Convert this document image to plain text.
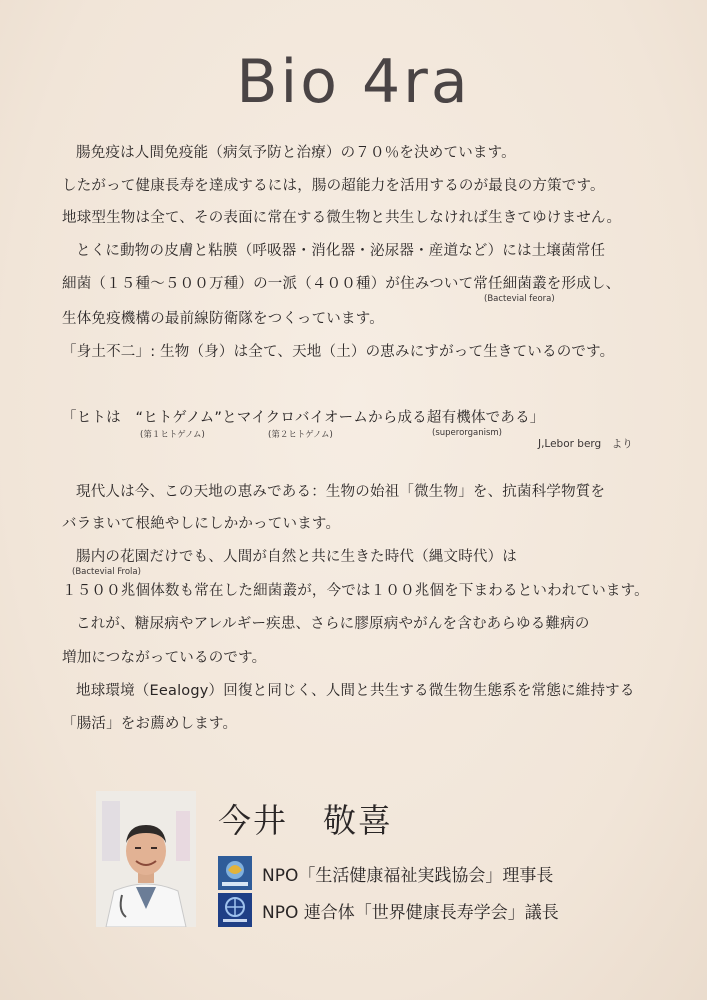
Bio 4ra
腸免疫は人間免疫能（病気予防と治療）の７０％を決めています。
したがって健康長寿を達成するには，腸の超能力を活用するのが最良の方策です。
地球型生物は全て、その表面に常在する微生物と共生しなければ生きてゆけません。
とくに動物の皮膚と粘膜（呼吸器・消化器・泌尿器・産道など）には土壌菌常任
細菌（１５種～５００万種）の一派（４００種）が住みついて常任細菌叢を形成し、
(Bactevial feora)
生体免疫機構の最前線防衛隊をつくっています。
「身土不二」: 生物（身）は全て、天地（土）の恵みにすがって生きているのです。
「ヒトは　“ヒトゲノム”とマイクロバイオームから成る超有機体である」
(第１ヒトゲノム)	(第２ヒトゲノム)	(superorganism)
J,Lebor berg　より
現代人は今、この天地の恵みである：生物の始祖「微生物」を、抗菌科学物質を
バラまいて根絶やしにしかかっています。
腸内の花園だけでも、人間が自然と共に生きた時代（縄文時代）は
(Bactevial Frola)
１５００兆個体数も常在した細菌叢が，今では１００兆個を下まわるといわれています。
これが、糖尿病やアレルギー疾患、さらに膠原病やがんを含むあらゆる難病の
増加につながっているのです。
地球環境（Eealogy）回復と同じく、人間と共生する微生物生態系を常態に維持する
「腸活」をお薦めします。
今井　敬喜
NPO「生活健康福祉実践協会」理事長
NPO 連合体「世界健康長寿学会」議長
